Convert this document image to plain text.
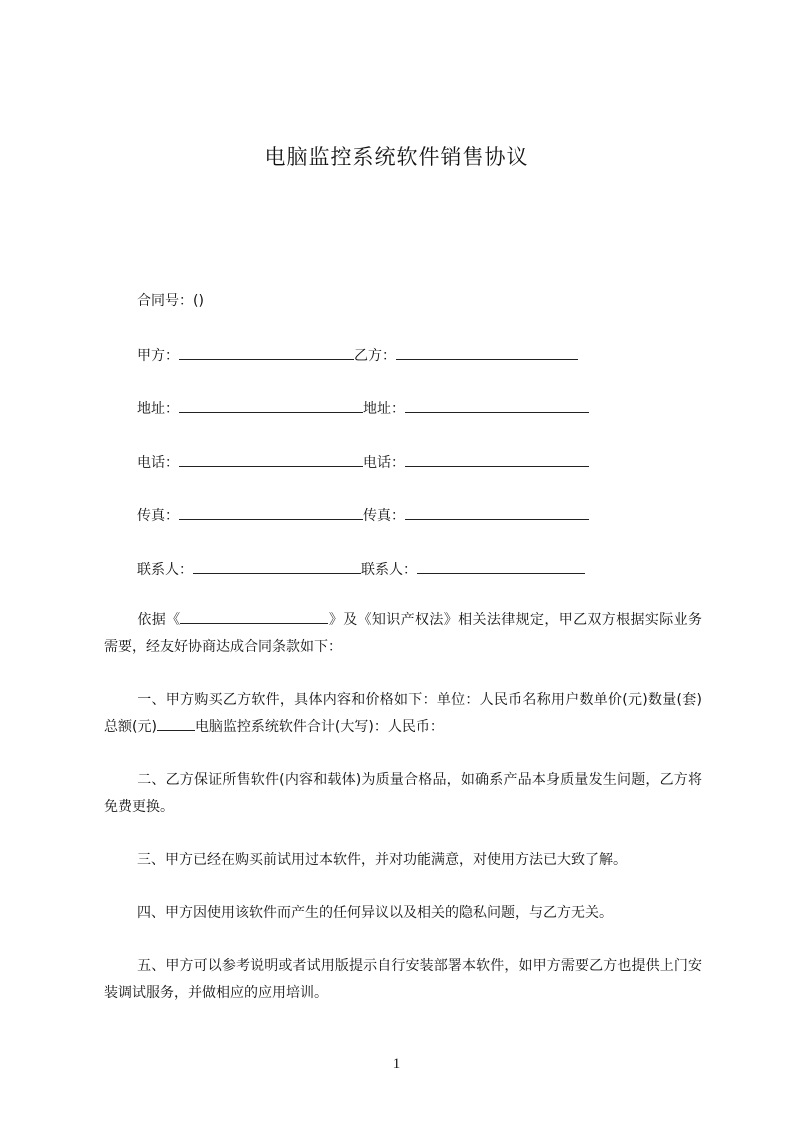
电脑监控系统软件销售协议
合同号：()
甲方：	乙方：
地址：	地址：
电话：	电话：
传真：	传真：
联系人：	联系人：
依据《	》及《知识产权法》相关法律规定，甲乙双方根据实际业务需要，经友好协商达成合同条款如下：
一、甲方购买乙方软件，具体内容和价格如下：单位：人民币名称用户数单价(元)数量(套)总额(元)	电脑监控系统软件合计(大写)：人民币：
二、乙方保证所售软件(内容和载体)为质量合格品，如确系产品本身质量发生问题，乙方将免费更换。
三、甲方已经在购买前试用过本软件，并对功能满意，对使用方法已大致了解。
四、甲方因使用该软件而产生的任何异议以及相关的隐私问题，与乙方无关。
五、甲方可以参考说明或者试用版提示自行安装部署本软件，如甲方需要乙方也提供上门安装调试服务，并做相应的应用培训。
1
